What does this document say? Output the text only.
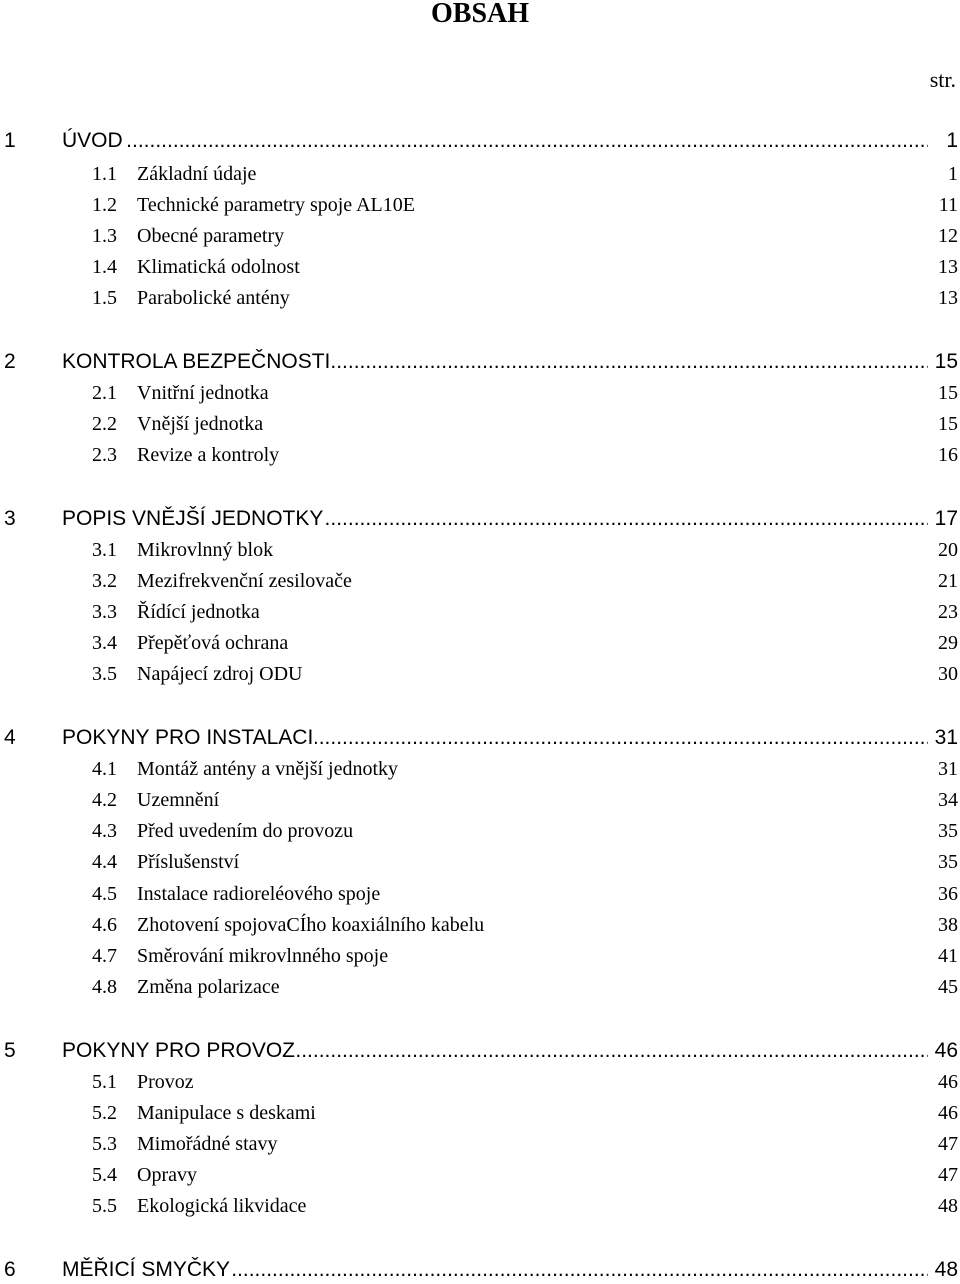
OBSAH
str.
1 ..... ÚVOD	1
1.1 Základní údaje	1
1.2 Technické parametry spoje AL10E	11
1.3 Obecné parametry	12
1.4 Klimatická odolnost	13
1.5 Parabolické antény	13
2 ..... KONTROLA BEZPEČNOSTI	15
2.1 Vnitřní jednotka	15
2.2 Vnější jednotka	15
2.3 Revize a kontroly	16
3 ..... POPIS VNĚJŠÍ JEDNOTKY	17
3.1 Mikrovlnný blok	20
3.2 Mezifrekvenční zesilovače	21
3.3 Řídící jednotka	23
3.4 Přepěťová ochrana	29
3.5 Napájecí zdroj ODU	30
4 ..... POKYNY PRO INSTALACI	31
4.1 Montáž antény a vnější jednotky	31
4.2 Uzemnění	34
4.3 Před uvedením do provozu	35
4.4 Příslušenství	35
4.5 Instalace radioreléového spoje	36
4.6 Zhotovení spojovaCÍho koaxiálního kabelu	38
4.7 Směrování mikrovlnného spoje	41
4.8 Změna polarizace	45
5 ..... POKYNY PRO PROVOZ	46
5.1 Provoz	46
5.2 Manipulace s deskami	46
5.3 Mimořádné stavy	47
5.4 Opravy	47
5.5 Ekologická likvidace	48
6 ..... MĚŘICÍ SMYČKY	48
